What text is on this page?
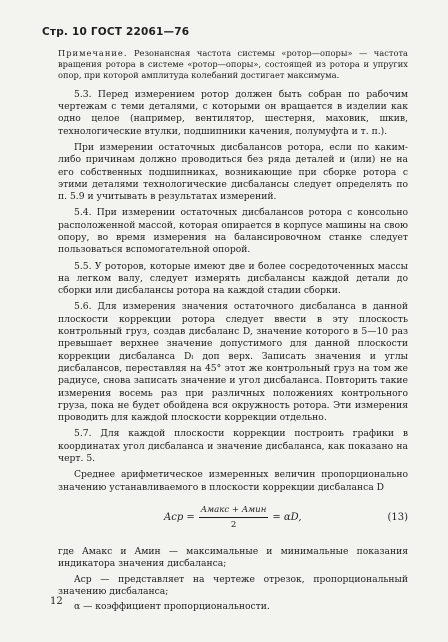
Стр. 10 ГОСТ 22061—76
Примечание. Резонансная частота системы «ротор—опоры» — частота вращения ротора в системе «ротор—опоры», состоящей из ротора и упругих опор, при которой амплитуда колебаний достигает максимума.

5.3. Перед измерением ротор должен быть собран по рабочим чертежам с теми деталями, с которыми он вращается в изделии как одно целое (например, вентилятор, шестерня, маховик, шкив, технологические втулки, подшипники качения, полумуфта и т. п.).

При измерении остаточных дисбалансов ротора, если по каким-либо причинам должно проводиться без ряда деталей и (или) не на его собственных подшипниках, возникающие при сборке ротора с этими деталями технологические дисбалансы следует определять по п. 5.9 и учитывать в результатах измерений.

5.4. При измерении остаточных дисбалансов ротора с консольно расположенной массой, которая опирается в корпусе машины на свою опору, во время измерения на балансировочном станке следует пользоваться вспомогательной опорой.

5.5. У роторов, которые имеют две и более сосредоточенных массы на легком валу, следует измерять дисбалансы каждой детали до сборки или дисбалансы ротора на каждой стадии сборки.

5.6. Для измерения значения остаточного дисбаланса в данной плоскости коррекции ротора следует ввести в эту плоскость контрольный груз, создав дисбаланс D, значение которого в 5—10 раз превышает верхнее значение допустимого для данной плоскости коррекции дисбаланса Dₗ доп верх. Записать значения и углы дисбалансов, переставляя на 45° этот же контрольный груз на том же радиусе, снова записать значение и угол дисбаланса. Повторить такие измерения восемь раз при различных положениях контрольного груза, пока не будет обойдена вся окружность ротора. Эти измерения проводить для каждой плоскости коррекции отдельно.

5.7. Для каждой плоскости коррекции построить графики в координатах угол дисбаланса и значение дисбаланса, как показано на черт. 5.

Среднее арифметическое измеренных величин пропорционально значению устанавливаемого в плоскости коррекции дисбаланса D

Aср = $\frac{\text{Aмакс + Aмин}}{2} = \alpha D$,	(13)
где Aмакс и Aмин — максимальные и минимальные показания индикатора значения дисбаланса;
Aср — представляет на чертеже отрезок, пропорциональный значению дисбаланса;
α — коэффициент пропорциональности.
12
